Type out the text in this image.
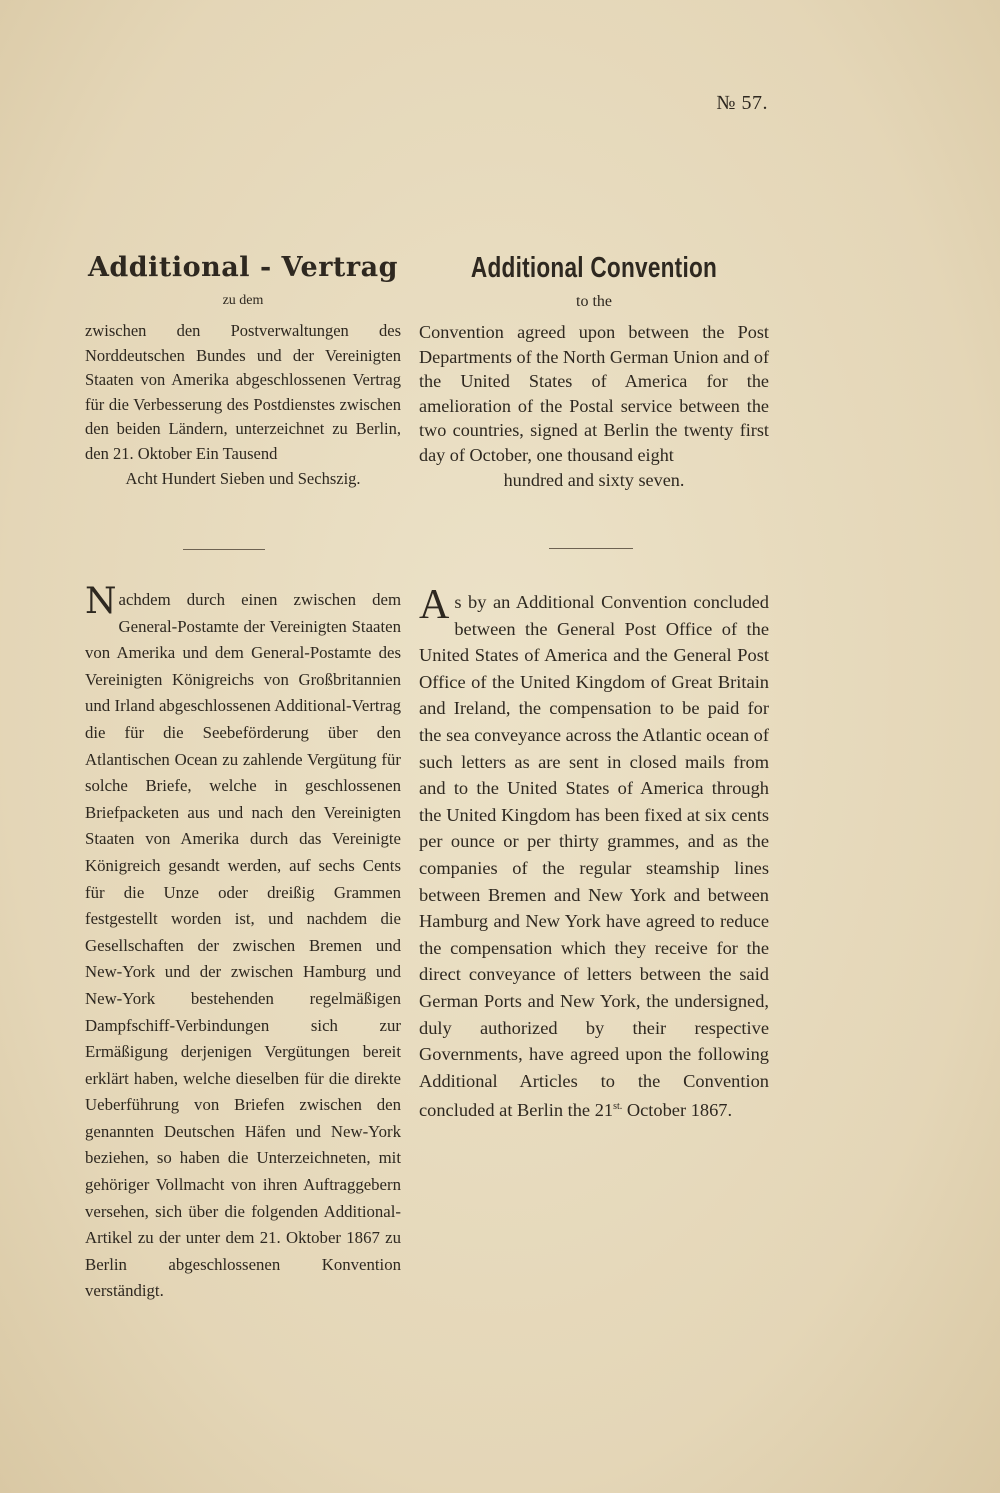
№ 57.
Additional - Vertrag
zu dem
zwischen den Postverwaltungen des Norddeutschen Bundes und der Vereinigten Staaten von Amerika abgeschlossenen Vertrag für die Verbesserung des Postdienstes zwischen den beiden Ländern, unterzeichnet zu Berlin, den 21. Oktober Ein Tausend
Acht Hundert Sieben und Sechszig.
Additional Convention
to the
Convention agreed upon between the Post Departments of the North German Union and of the United States of America for the amelioration of the Postal service between the two countries, signed at Berlin the twenty first day of October, one thousand eight
hundred and sixty seven.
Nachdem durch einen zwischen dem General-Postamte der Vereinigten Staaten von Amerika und dem General-Postamte des Vereinigten Königreichs von Großbritannien und Irland abgeschlossenen Additional-Vertrag die für die Seebeförderung über den Atlantischen Ocean zu zahlende Vergütung für solche Briefe, welche in geschlossenen Briefpacketen aus und nach den Vereinigten Staaten von Amerika durch das Vereinigte Königreich gesandt werden, auf sechs Cents für die Unze oder dreißig Grammen festgestellt worden ist, und nachdem die Gesellschaften der zwischen Bremen und New-York und der zwischen Hamburg und New-York bestehenden regelmäßigen Dampfschiff-Verbindungen sich zur Ermäßigung derjenigen Vergütungen bereit erklärt haben, welche dieselben für die direkte Ueberführung von Briefen zwischen den genannten Deutschen Häfen und New-York beziehen, so haben die Unterzeichneten, mit gehöriger Vollmacht von ihren Auftraggebern versehen, sich über die folgenden Additional-Artikel zu der unter dem 21. Oktober 1867 zu Berlin abgeschlossenen Konvention verständigt.
As by an Additional Convention concluded between the General Post Office of the United States of America and the General Post Office of the United Kingdom of Great Britain and Ireland, the compensation to be paid for the sea conveyance across the Atlantic ocean of such letters as are sent in closed mails from and to the United States of America through the United Kingdom has been fixed at six cents per ounce or per thirty grammes, and as the companies of the regular steamship lines between Bremen and New York and between Hamburg and New York have agreed to reduce the compensation which they receive for the direct conveyance of letters between the said German Ports and New York, the undersigned, duly authorized by their respective Governments, have agreed upon the following Additional Articles to the Convention concluded at Berlin the $21^{st.}$ October 1867.
